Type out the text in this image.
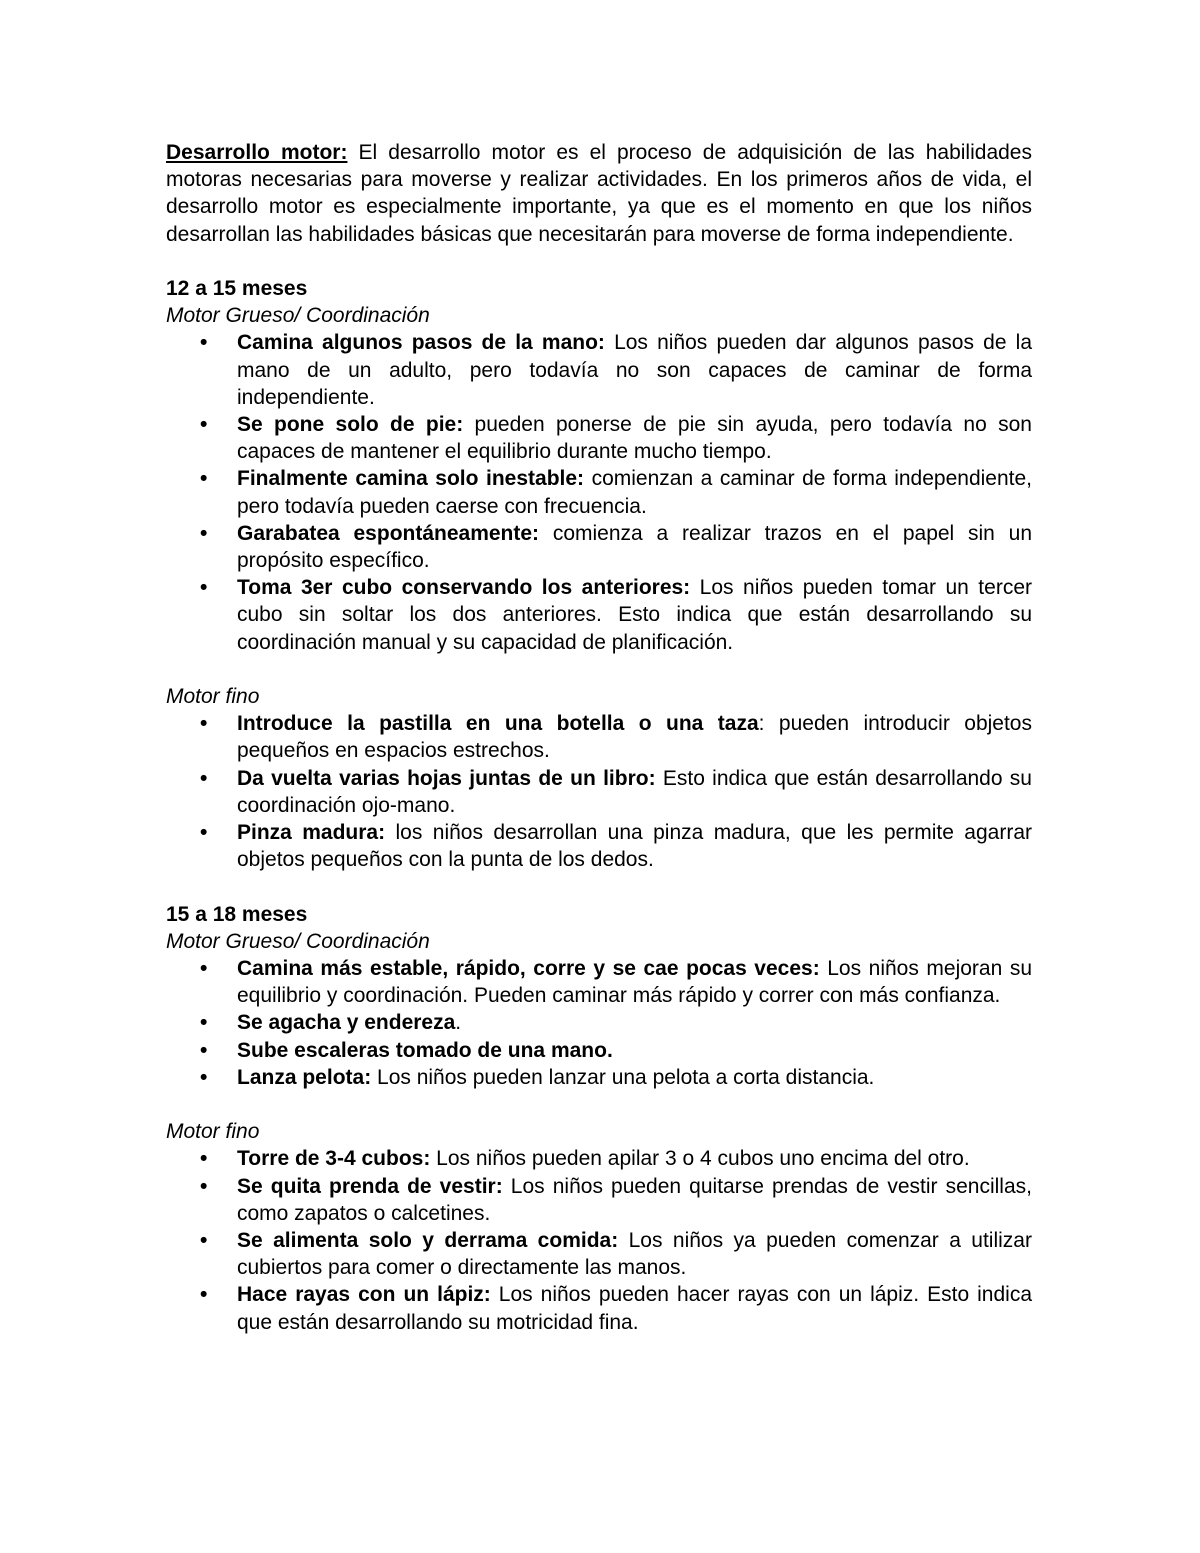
Desarrollo motor: El desarrollo motor es el proceso de adquisición de las habilidades motoras necesarias para moverse y realizar actividades. En los primeros años de vida, el desarrollo motor es especialmente importante, ya que es el momento en que los niños desarrollan las habilidades básicas que necesitarán para moverse de forma independiente.

12 a 15 meses

Motor Grueso/ Coordinación

• Camina algunos pasos de la mano: Los niños pueden dar algunos pasos de la mano de un adulto, pero todavía no son capaces de caminar de forma independiente.
• Se pone solo de pie: pueden ponerse de pie sin ayuda, pero todavía no son capaces de mantener el equilibrio durante mucho tiempo.
• Finalmente camina solo inestable: comienzan a caminar de forma independiente, pero todavía pueden caerse con frecuencia.
• Garabatea espontáneamente: comienza a realizar trazos en el papel sin un propósito específico.
• Toma 3er cubo conservando los anteriores: Los niños pueden tomar un tercer cubo sin soltar los dos anteriores. Esto indica que están desarrollando su coordinación manual y su capacidad de planificación.

Motor fino

• Introduce la pastilla en una botella o una taza: pueden introducir objetos pequeños en espacios estrechos.
• Da vuelta varias hojas juntas de un libro: Esto indica que están desarrollando su coordinación ojo-mano.
• Pinza madura: los niños desarrollan una pinza madura, que les permite agarrar objetos pequeños con la punta de los dedos.

15 a 18 meses

Motor Grueso/ Coordinación

• Camina más estable, rápido, corre y se cae pocas veces: Los niños mejoran su equilibrio y coordinación. Pueden caminar más rápido y correr con más confianza.
• Se agacha y endereza.
• Sube escaleras tomado de una mano.
• Lanza pelota: Los niños pueden lanzar una pelota a corta distancia.

Motor fino

• Torre de 3-4 cubos: Los niños pueden apilar 3 o 4 cubos uno encima del otro.
• Se quita prenda de vestir: Los niños pueden quitarse prendas de vestir sencillas, como zapatos o calcetines.
• Se alimenta solo y derrama comida: Los niños ya pueden comenzar a utilizar cubiertos para comer o directamente las manos.
• Hace rayas con un lápiz: Los niños pueden hacer rayas con un lápiz. Esto indica que están desarrollando su motricidad fina.
